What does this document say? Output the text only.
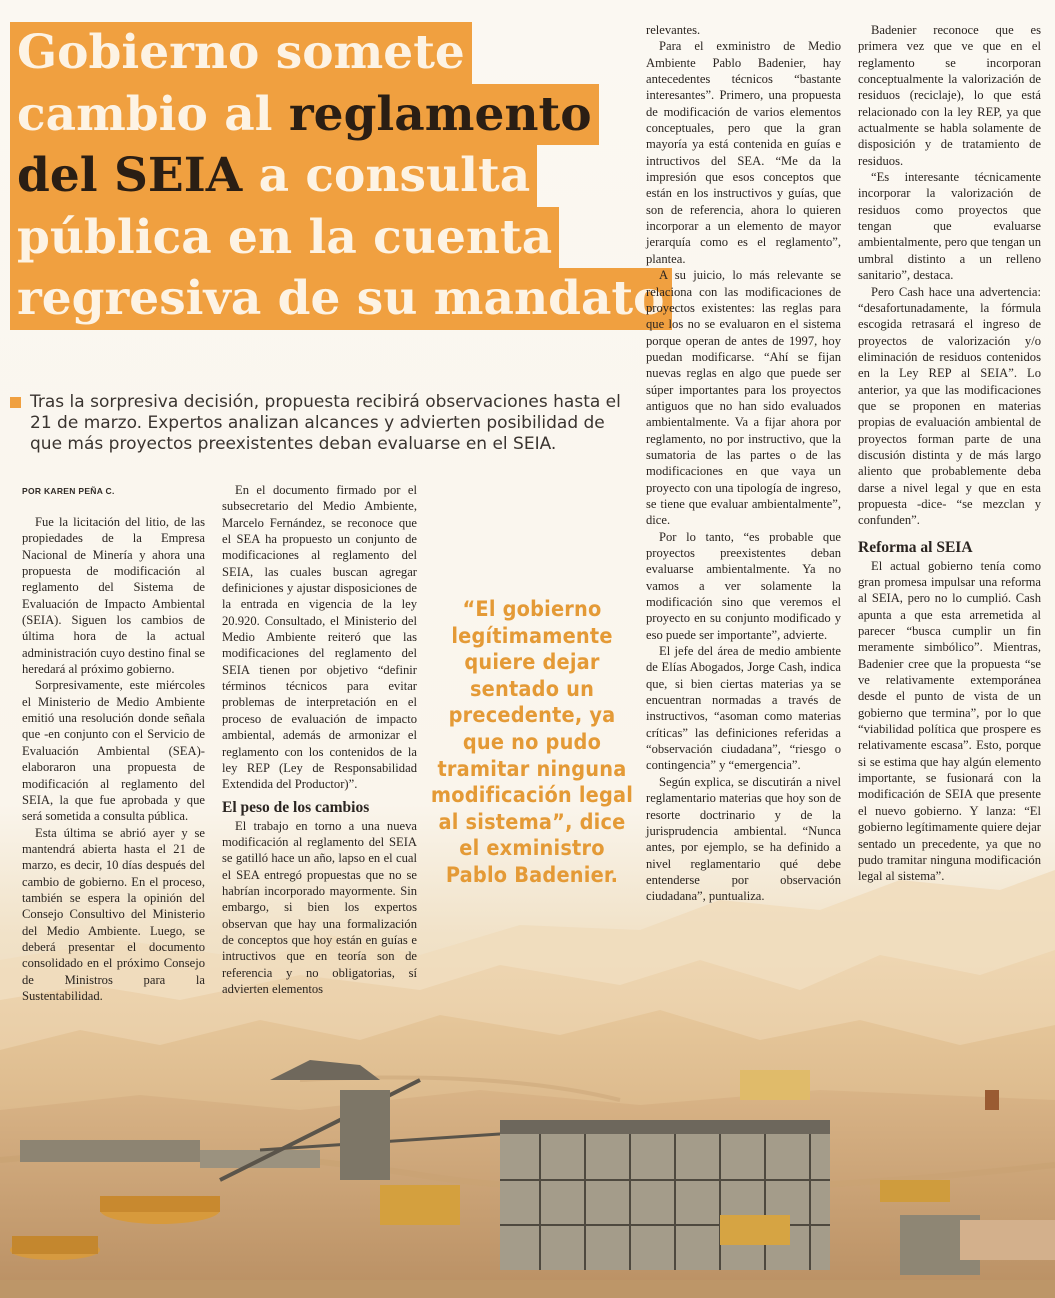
Gobierno somete
cambio al reglamento
del SEIA a consulta
pública en la cuenta
regresiva de su mandato
Tras la sorpresiva decisión, propuesta recibirá observaciones hasta el 21 de marzo. Expertos analizan alcances y advierten posibilidad de que más proyectos preexistentes deban evaluarse en el SEIA.
POR KAREN PEÑA C.

Fue la licitación del litio, de las propiedades de la Empresa Nacional de Minería y ahora una propuesta de modificación al reglamento del Sistema de Evaluación de Impacto Ambiental (SEIA). Siguen los cambios de última hora de la actual administración cuyo destino final se heredará al próximo gobierno.

Sorpresivamente, este miércoles el Ministerio de Medio Ambiente emitió una resolución donde señala que -en conjunto con el Servicio de Evaluación Ambiental (SEA)- elaboraron una propuesta de modificación al reglamento del SEIA, la que fue aprobada y que será sometida a consulta pública.

Esta última se abrió ayer y se mantendrá abierta hasta el 21 de marzo, es decir, 10 días después del cambio de gobierno. En el proceso, también se espera la opinión del Consejo Consultivo del Ministerio del Medio Ambiente. Luego, se deberá presentar el documento consolidado en el próximo Consejo de Ministros para la Sustentabilidad.

En el documento firmado por el subsecretario del Medio Ambiente, Marcelo Fernández, se reconoce que el SEA ha propuesto un conjunto de modificaciones al reglamento del SEIA, las cuales buscan agregar definiciones y ajustar disposiciones de la entrada en vigencia de la ley 20.920. Consultado, el Ministerio del Medio Ambiente reiteró que las modificaciones del reglamento del SEIA tienen por objetivo “definir términos técnicos para evitar problemas de interpretación en el proceso de evaluación de impacto ambiental, además de armonizar el reglamento con los contenidos de la ley REP (Ley de Responsabilidad Extendida del Productor)”.

El peso de los cambios

El trabajo en torno a una nueva modificación al reglamento del SEIA se gatilló hace un año, lapso en el cual el SEA entregó propuestas que no se habrían incorporado mayormente. Sin embargo, si bien los expertos observan que hay una formalización de conceptos que hoy están en guías e intructivos que en teoría son de referencia y no obligatorias, sí advierten elementos

“El gobierno legítimamente quiere dejar sentado un precedente, ya que no pudo tramitar ninguna modificación legal al sistema”, dice el exministro Pablo Badenier.

relevantes.

Para el exministro de Medio Ambiente Pablo Badenier, hay antecedentes técnicos “bastante interesantes”. Primero, una propuesta de modificación de varios elementos conceptuales, pero que la gran mayoría ya está contenida en guías e intructivos del SEA. “Me da la impresión que esos conceptos que están en los instructivos y guías, que son de referencia, ahora lo quieren incorporar a un elemento de mayor jerarquía como es el reglamento”, plantea.

A su juicio, lo más relevante se relaciona con las modificaciones de proyectos existentes: las reglas para que los no se evaluaron en el sistema porque operan de antes de 1997, hoy puedan modificarse. “Ahí se fijan nuevas reglas en algo que puede ser súper importantes para los proyectos antiguos que no han sido evaluados ambientalmente. Va a fijar ahora por reglamento, no por instructivo, que la sumatoria de las partes o de las modificaciones en que vaya un proyecto con una tipología de ingreso, se tiene que evaluar ambientalmente”, dice.

Por lo tanto, “es probable que proyectos preexistentes deban evaluarse ambientalmente. Ya no vamos a ver solamente la modificación sino que veremos el proyecto en su conjunto modificado y eso puede ser importante”, advierte.

El jefe del área de medio ambiente de Elías Abogados, Jorge Cash, indica que, si bien ciertas materias ya se encuentran normadas a través de instructivos, “asoman como materias críticas” las definiciones referidas a “observación ciudadana”, “riesgo o contingencia” y “emergencia”.

Según explica, se discutirán a nivel reglamentario materias que hoy son de resorte doctrinario y de la jurisprudencia ambiental. “Nunca antes, por ejemplo, se ha definido a nivel reglamentario qué debe entenderse por observación ciudadana”, puntualiza.

Badenier reconoce que es primera vez que ve que en el reglamento se incorporan conceptualmente la valorización de residuos (reciclaje), lo que está relacionado con la ley REP, ya que actualmente se habla solamente de disposición y de tratamiento de residuos.

“Es interesante técnicamente incorporar la valorización de residuos como proyectos que tengan que evaluarse ambientalmente, pero que tengan un umbral distinto a un relleno sanitario”, destaca.

Pero Cash hace una advertencia: “desafortunadamente, la fórmula escogida retrasará el ingreso de proyectos de valorización y/o eliminación de residuos contenidos en la Ley REP al SEIA”. Lo anterior, ya que las modificaciones que se proponen en materias propias de evaluación ambiental de proyectos forman parte de una discusión distinta y de más largo aliento que probablemente deba darse a nivel legal y que en esta propuesta -dice- “se mezclan y confunden”.

Reforma al SEIA

El actual gobierno tenía como gran promesa impulsar una reforma al SEIA, pero no lo cumplió. Cash apunta a que esta arremetida al parecer “busca cumplir un fin meramente simbólico”. Mientras, Badenier cree que la propuesta “se ve relativamente extemporánea desde el punto de vista de un gobierno que termina”, por lo que “viabilidad política que prospere es relativamente escasa”. Esto, porque si se estima que hay algún elemento importante, se fusionará con la modificación de SEIA que presente el nuevo gobierno. Y lanza: “El gobierno legítimamente quiere dejar sentado un precedente, ya que no pudo tramitar ninguna modificación legal al sistema”.
